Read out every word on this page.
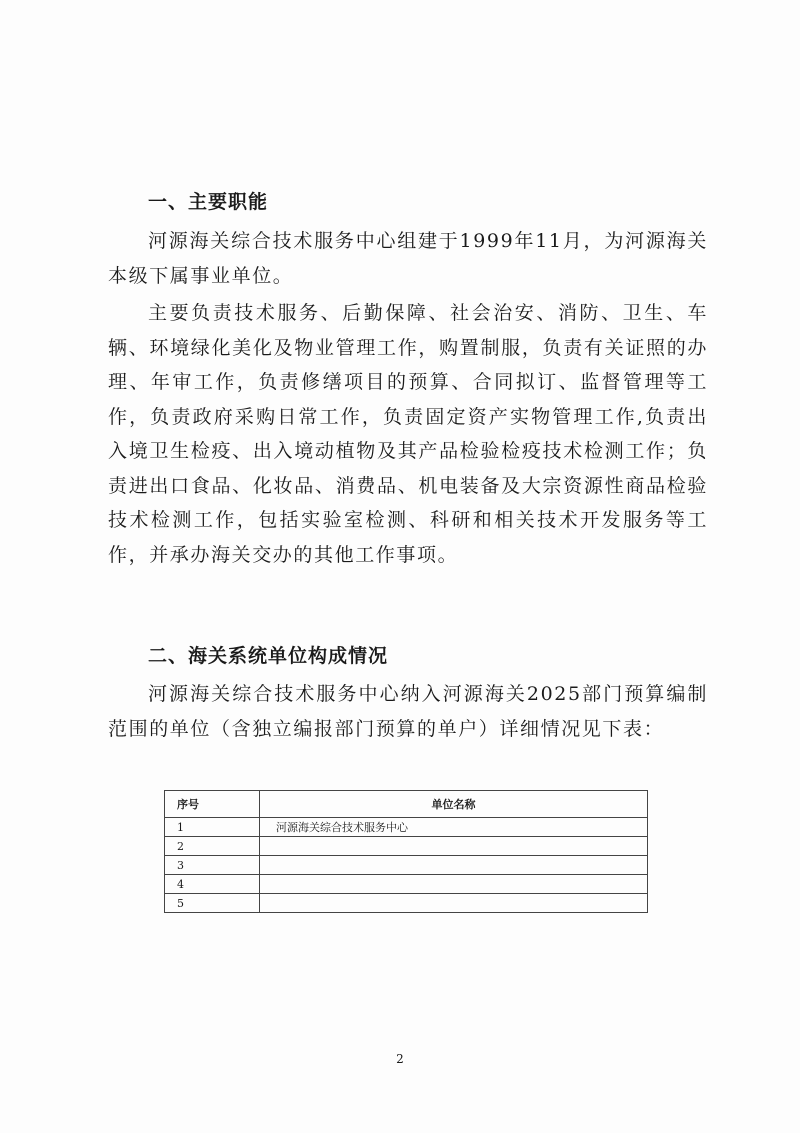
一、主要职能

河源海关综合技术服务中心组建于1999年11月，为河源海关本级下属事业单位。

主要负责技术服务、后勤保障、社会治安、消防、卫生、车辆、环境绿化美化及物业管理工作，购置制服，负责有关证照的办理、年审工作，负责修缮项目的预算、合同拟订、监督管理等工作，负责政府采购日常工作，负责固定资产实物管理工作,负责出入境卫生检疫、出入境动植物及其产品检验检疫技术检测工作；负责进出口食品、化妆品、消费品、机电装备及大宗资源性商品检验技术检测工作，包括实验室检测、科研和相关技术开发服务等工作，并承办海关交办的其他工作事项。

二、海关系统单位构成情况

河源海关综合技术服务中心纳入河源海关2025部门预算编制范围的单位（含独立编报部门预算的单户）详细情况见下表：

序号	单位名称
1	河源海关综合技术服务中心
2	
3	
4	
5	
2
